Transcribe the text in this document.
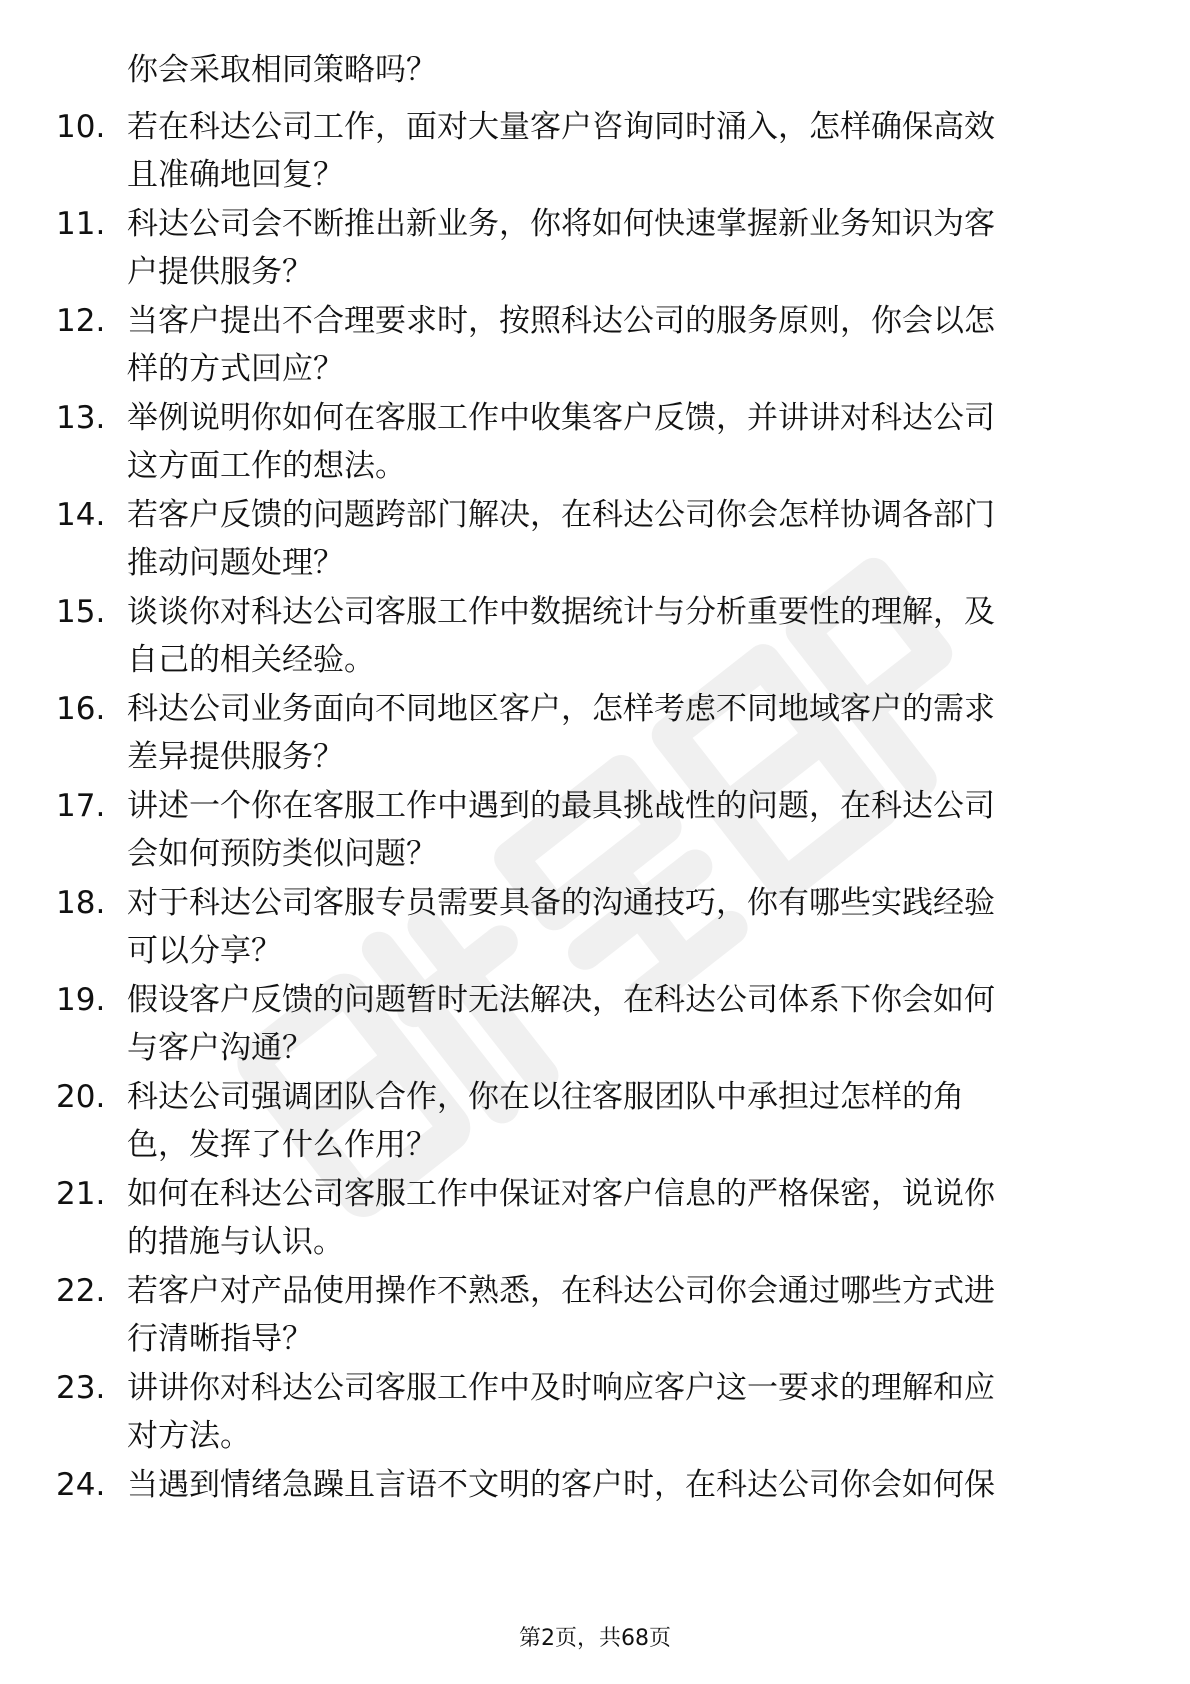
你会采取相同策略吗？
10. 若在科达公司工作，面对大量客户咨询同时涌入，怎样确保高效
且准确地回复？
11. 科达公司会不断推出新业务，你将如何快速掌握新业务知识为客
户提供服务？
12. 当客户提出不合理要求时，按照科达公司的服务原则，你会以怎
样的方式回应？
13. 举例说明你如何在客服工作中收集客户反馈，并讲讲对科达公司
这方面工作的想法。
14. 若客户反馈的问题跨部门解决，在科达公司你会怎样协调各部门
推动问题处理？
15. 谈谈你对科达公司客服工作中数据统计与分析重要性的理解，及
自己的相关经验。
16. 科达公司业务面向不同地区客户，怎样考虑不同地域客户的需求
差异提供服务？
17. 讲述一个你在客服工作中遇到的最具挑战性的问题，在科达公司
会如何预防类似问题？
18. 对于科达公司客服专员需要具备的沟通技巧，你有哪些实践经验
可以分享？
19. 假设客户反馈的问题暂时无法解决，在科达公司体系下你会如何
与客户沟通？
20. 科达公司强调团队合作，你在以往客服团队中承担过怎样的角
色，发挥了什么作用？
21. 如何在科达公司客服工作中保证对客户信息的严格保密，说说你
的措施与认识。
22. 若客户对产品使用操作不熟悉，在科达公司你会通过哪些方式进
行清晰指导？
23. 讲讲你对科达公司客服工作中及时响应客户这一要求的理解和应
对方法。
24. 当遇到情绪急躁且言语不文明的客户时，在科达公司你会如何保
第2页，共68页
